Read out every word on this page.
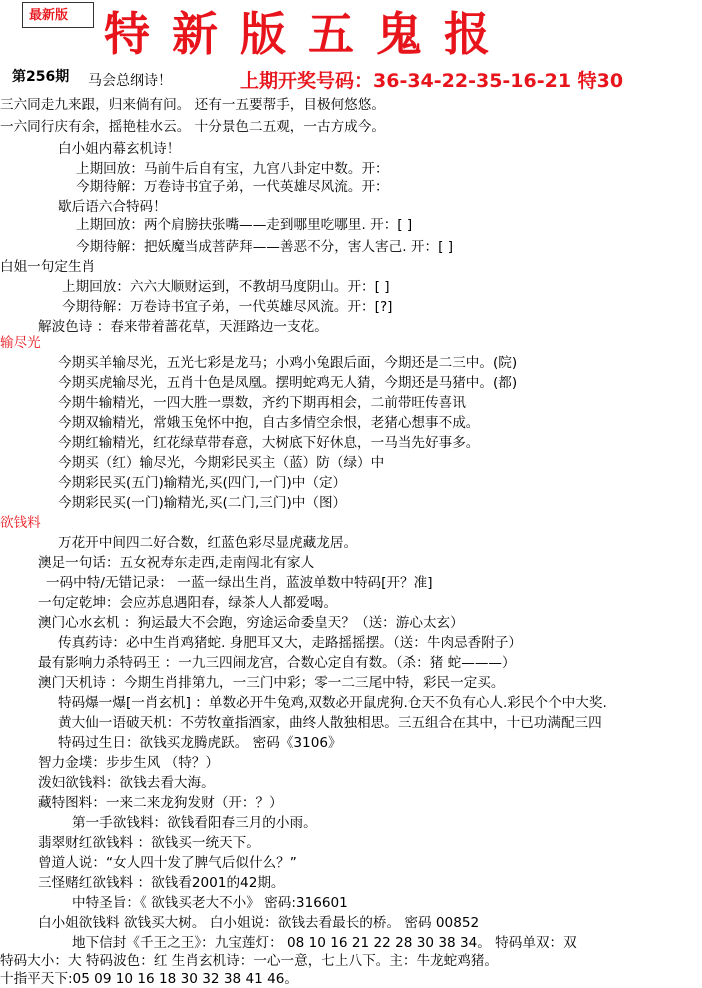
最新版 特新版五鬼报
第256期 马会总纲诗！	上期开奖号码：36-34-22-35-16-21 特30
三六同走九来跟，归来倘有问。 还有一五要帮手，目极何悠悠。
一六同行庆有余，摇艳桂水云。 十分景色二五观，一古方成今。
白小姐内幕玄机诗！
上期回放：马前牛后自有宝，九宫八卦定中数。开：
今期待解：万卷诗书宜子弟，一代英雄尽风流。开：
歇后语六合特码！
上期回放：两个肩膀扶张嘴——走到哪里吃哪里. 开：[ ]
今期待解：把妖魔当成菩萨拜——善恶不分，害人害己. 开：[ ]
白姐一句定生肖
上期回放：六六大顺财运到，不教胡马度阴山。开：[ ]
今期待解：万卷诗书宜子弟，一代英雄尽风流。开：[?]
解波色诗 ：春来带着蔷花草，天涯路边一支花。
输尽光
今期买羊输尽光，五光七彩是龙马；小鸡小兔跟后面，今期还是二三中。(院)
今期买虎输尽光，五肖十色是凤凰。摆明蛇鸡无人猜，今期还是马猪中。(都)
今期牛输精光，一四大胜一票数，齐约下期再相会，二前带旺传喜讯
今期双输精光，常娥玉兔怀中抱，自古多情空余恨，老猪心想事不成。
今期红输精光，红花绿草带春意，大树底下好休息，一马当先好事多。
今期买（红）输尽光，今期彩民买主（蓝）防（绿）中
今期彩民买(五门)输精光,买(四门,一门)中（定）
今期彩民买(一门)输精光,买(二门,三门)中（图）
欲钱料
万花开中间四二好合数，红蓝色彩尽显虎藏龙居。
澳足一句话：五女祝寿东走西,走南闯北有家人
一码中特/无错记录： 一蓝一绿出生肖，蓝波单数中特码[开？准]
一句定乾坤：会应苏息遇阳春，绿茶人人都爱喝。
澳门心水玄机 ：狗运最大不会跑，穷途运命委皇天？（送：游心太玄）
传真药诗：必中生肖鸡猪蛇. 身肥耳又大，走路摇摇摆。（送：牛肉忌香附子）
最有影响力杀特码王 ：一九三四闹龙宫，合数心定自有数。（杀：猪 蛇———）
澳门天机诗 ：今期生肖排第九，一三门中彩；零一二三尾中特，彩民一定买。
特码爆一爆[一肖玄机] ：单数必开牛兔鸡,双数必开鼠虎狗.仓天不负有心人.彩民个个中大奖.
黄大仙一语破天机：不劳牧童指酒家，曲终人散独相思。三五组合在其中，十已功满配三四
特码过生日：欲钱买龙腾虎跃。 密码《3106》
智力金墣：步步生风 （特？）
泼妇欲钱料：欲钱去看大海。
藏特图料：一来二来龙狗发财（开：？）
第一手欲钱料：欲钱看阳春三月的小雨。
翡翠财红欲钱料 ：欲钱买一统天下。
曾道人说：“女人四十发了脾气后似什么？”
三怪赌红欲钱料 ：欲钱看2001的42期。
中特圣旨：《 欲钱买老大不小》 密码:316601
白小姐欲钱料 欲钱买大树。 白小姐说：欲钱去看最长的桥。 密码 00852
地下信封《千王之王》：九宝莲灯： 08 10 16 21 22 28 30 38 34。 特码单双：双
特码大小：大 特码波色：红 生肖玄机诗：一心一意，七上八下。主：牛龙蛇鸡猪。
十指平天下:05 09 10 16 18 30 32 38 41 46。
